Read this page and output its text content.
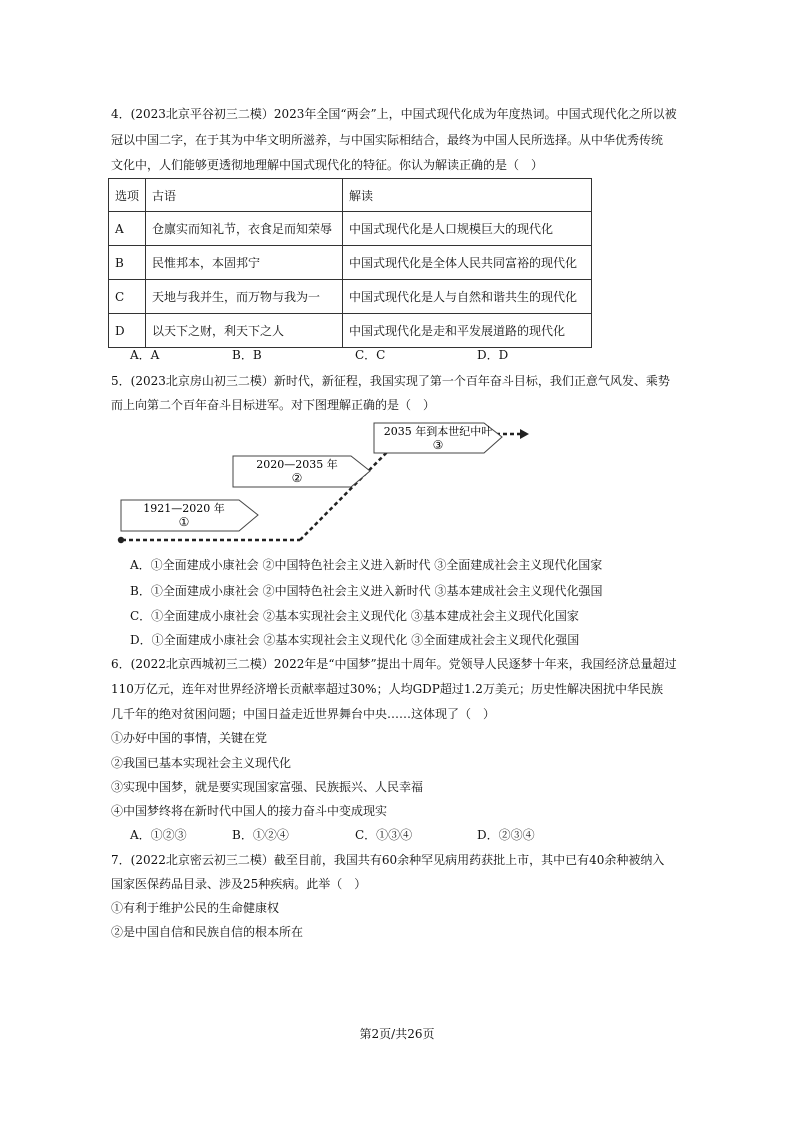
4．(2023北京平谷初三二模）2023年全国“两会”上，中国式现代化成为年度热词。中国式现代化之所以被
冠以中国二字，在于其为中华文明所滋养，与中国实际相结合，最终为中国人民所选择。从中华优秀传统
文化中，人们能够更透彻地理解中国式现代化的特征。你认为解读正确的是（　）
选项	古语	解读
A	仓廪实而知礼节，衣食足而知荣辱	中国式现代化是人口规模巨大的现代化
B	民惟邦本，本固邦宁	中国式现代化是全体人民共同富裕的现代化
C	天地与我并生，而万物与我为一	中国式现代化是人与自然和谐共生的现代化
D	以天下之财，利天下之人	中国式现代化是走和平发展道路的现代化
A．A	B．B	C．C	D．D
5．(2023北京房山初三二模）新时代，新征程，我国实现了第一个百年奋斗目标，我们正意气风发、乘势
而上向第二个百年奋斗目标进军。对下图理解正确的是（　）
1921—2020 年
①
2020—2035 年
②
2035 年到本世纪中叶
③
A．①全面建成小康社会 ②中国特色社会主义进入新时代 ③全面建成社会主义现代化国家
B．①全面建成小康社会 ②中国特色社会主义进入新时代 ③基本建成社会主义现代化强国
C．①全面建成小康社会 ②基本实现社会主义现代化 ③基本建成社会主义现代化国家
D．①全面建成小康社会 ②基本实现社会主义现代化 ③全面建成社会主义现代化强国
6．(2022北京西城初三二模）2022年是“中国梦”提出十周年。党领导人民逐梦十年来，我国经济总量超过
110万亿元，连年对世界经济增长贡献率超过30%；人均GDP超过1.2万美元；历史性解决困扰中华民族
几千年的绝对贫困问题；中国日益走近世界舞台中央……这体现了（　）
①办好中国的事情，关键在党
②我国已基本实现社会主义现代化
③实现中国梦，就是要实现国家富强、民族振兴、人民幸福
④中国梦终将在新时代中国人的接力奋斗中变成现实
A．①②③	B．①②④	C．①③④	D．②③④
7．(2022北京密云初三二模）截至目前，我国共有60余种罕见病用药获批上市，其中已有40余种被纳入
国家医保药品目录、涉及25种疾病。此举（　）
①有利于维护公民的生命健康权
②是中国自信和民族自信的根本所在
第2页/共26页
